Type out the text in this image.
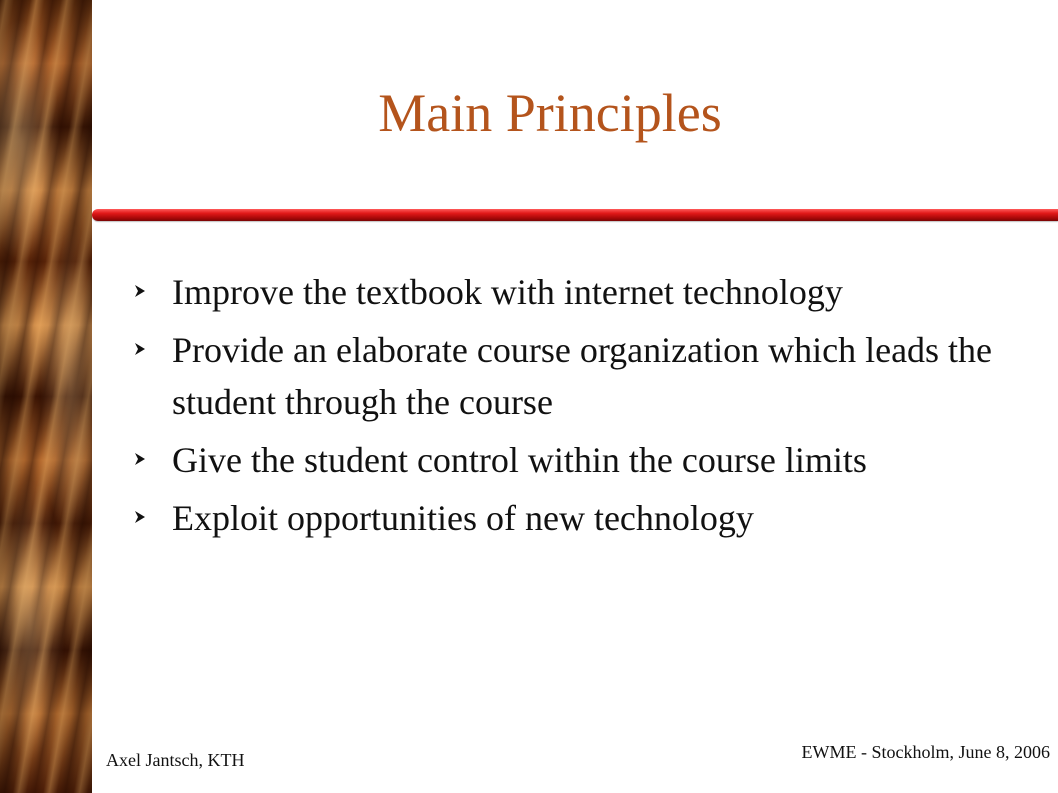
Main Principles
Improve the textbook with internet technology
Provide an elaborate course organization which leads the student through the course
Give the student control within the course limits
Exploit opportunities of new technology
Axel Jantsch, KTH	EWME - Stockholm, June 8, 2006
